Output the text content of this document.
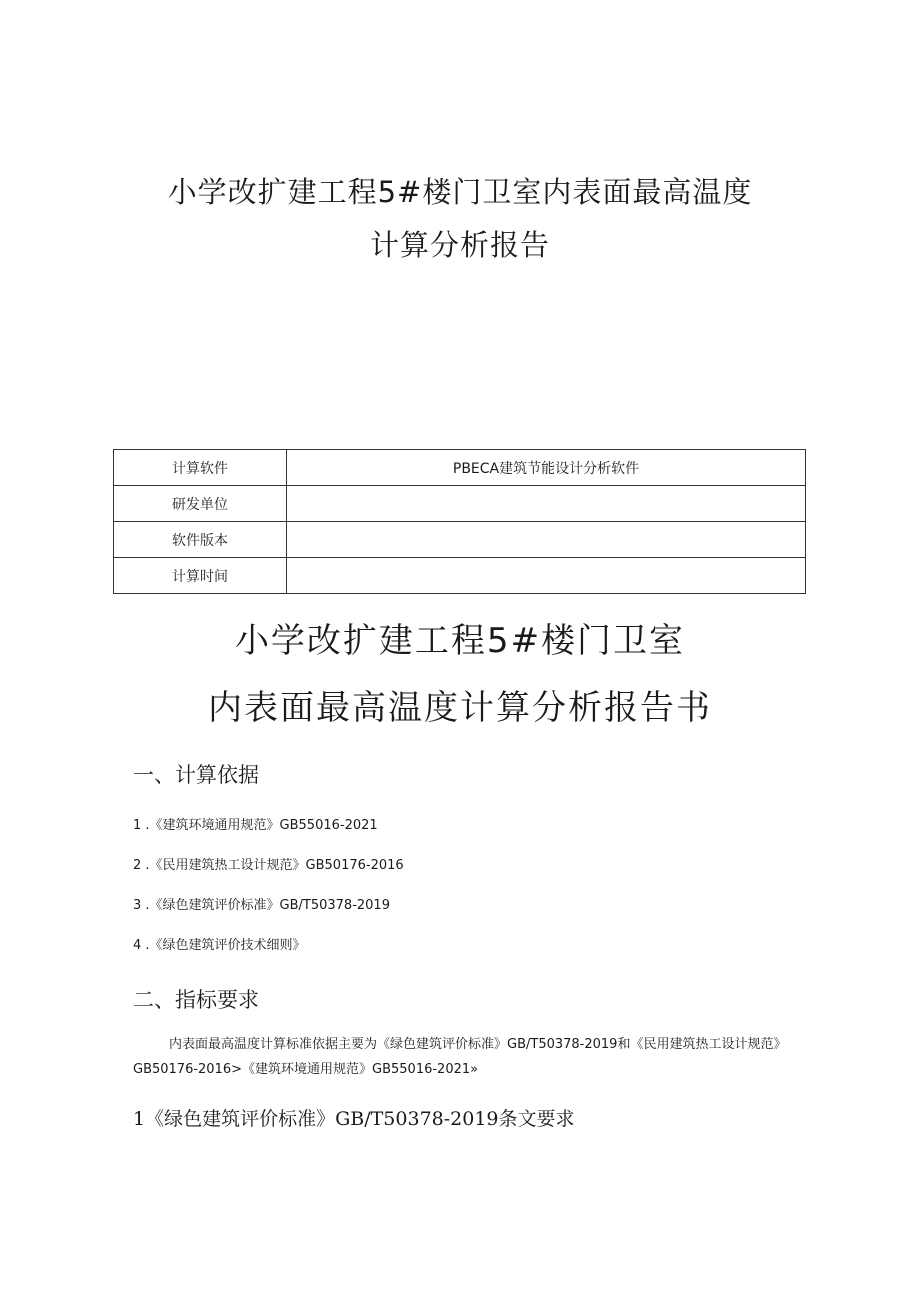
小学改扩建工程5#楼门卫室内表面最高温度
计算分析报告
计算软件	PBECA建筑节能设计分析软件
研发单位	
软件版本	
计算时间	
小学改扩建工程5#楼门卫室
内表面最高温度计算分析报告书
一、计算依据
1 .《建筑环境通用规范》GB55016-2021
2 .《民用建筑热工设计规范》GB50176-2016
3 .《绿色建筑评价标准》GB/T50378-2019
4 .《绿色建筑评价技术细则》
二、指标要求
内表面最高温度计算标准依据主要为《绿色建筑评价标准》GB/T50378-2019和《民用建筑热工设计规范》GB50176-2016>《建筑环境通用规范》GB55016-2021»
1《绿色建筑评价标准》GB/T50378-2019条文要求
